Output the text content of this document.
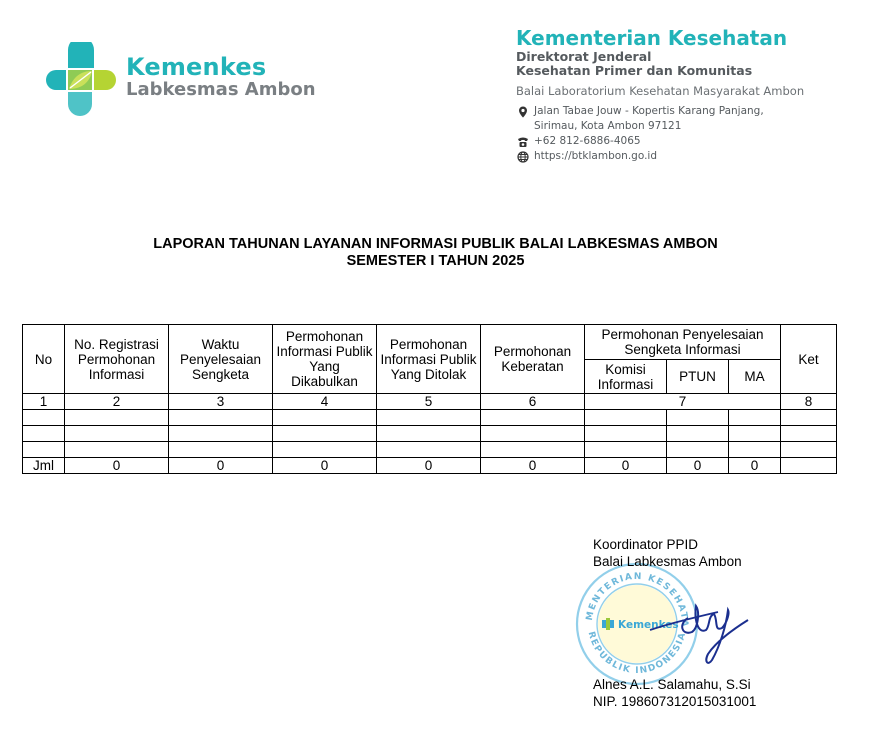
Kemenkes
Labkesmas Ambon
Kementerian Kesehatan
Direktorat Jenderal
Kesehatan Primer dan Komunitas
Balai Laboratorium Kesehatan Masyarakat Ambon
Jalan Tabae Jouw - Kopertis Karang Panjang,
Sirimau, Kota Ambon 97121
+62 812-6886-4065
https://btklambon.go.id
LAPORAN TAHUNAN LAYANAN INFORMASI PUBLIK BALAI LABKESMAS AMBON
SEMESTER I TAHUN 2025
No	No. Registrasi Permohonan Informasi	Waktu Penyelesaian Sengketa	Permohonan Informasi Publik Yang Dikabulkan	Permohonan Informasi Publik Yang Ditolak	Permohonan Keberatan	Permohonan Penyelesaian Sengketa Informasi			Ket
						Komisi Informasi	PTUN	MA	
1	2	3	4	5	6	7			8

Jml	0	0	0	0	0	0	0	0	
MENTERIAN KESEHATA
REPUBLIK INDONESIA
Kemenkes
Koordinator PPID
Balai Labkesmas Ambon
Alnes A.L. Salamahu, S.Si
NIP. 198607312015031001
